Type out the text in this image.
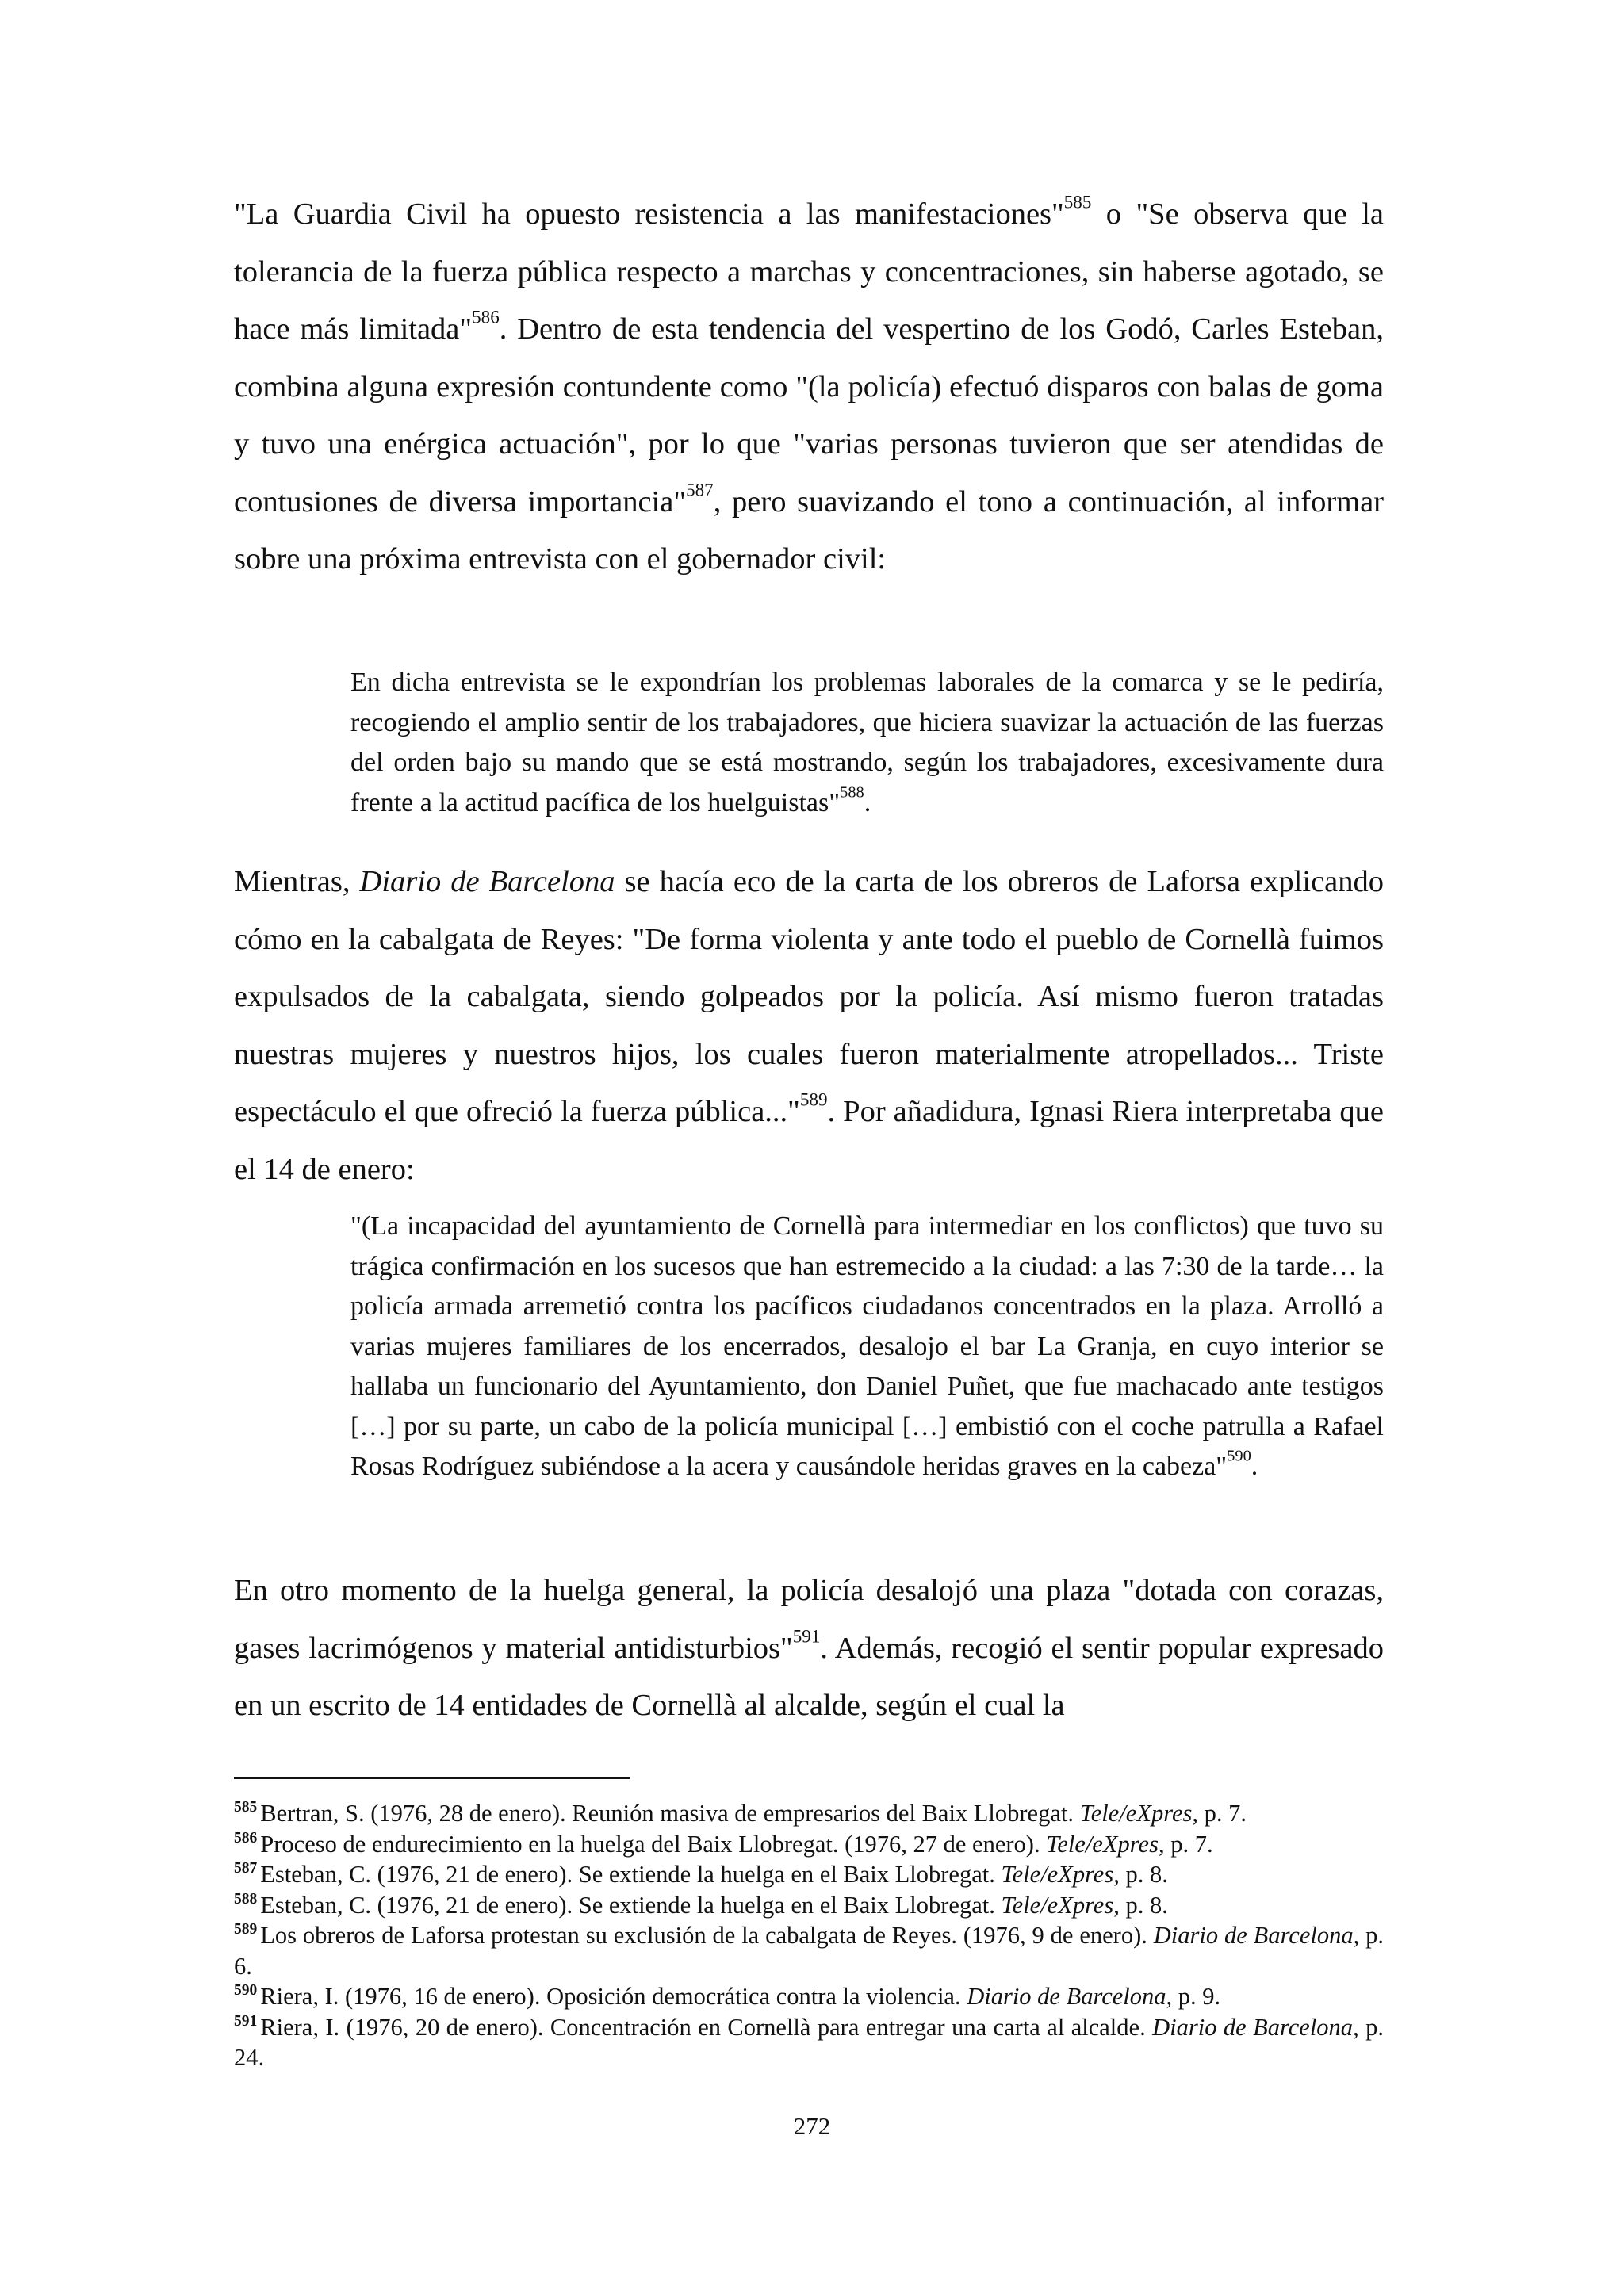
"La Guardia Civil ha opuesto resistencia a las manifestaciones"$^{585}$ o "Se observa que la tolerancia de la fuerza pública respecto a marchas y concentraciones, sin haberse agotado, se hace más limitada"$^{586}$. Dentro de esta tendencia del vespertino de los Godó, Carles Esteban, combina alguna expresión contundente como "(la policía) efectuó disparos con balas de goma y tuvo una enérgica actuación", por lo que "varias personas tuvieron que ser atendidas de contusiones de diversa importancia"$^{587}$, pero suavizando el tono a continuación, al informar sobre una próxima entrevista con el gobernador civil:

En dicha entrevista se le expondrían los problemas laborales de la comarca y se le pediría, recogiendo el amplio sentir de los trabajadores, que hiciera suavizar la actuación de las fuerzas del orden bajo su mando que se está mostrando, según los trabajadores, excesivamente dura frente a la actitud pacífica de los huelguistas"$^{588}$.

Mientras, Diario de Barcelona se hacía eco de la carta de los obreros de Laforsa explicando cómo en la cabalgata de Reyes: "De forma violenta y ante todo el pueblo de Cornellà fuimos expulsados de la cabalgata, siendo golpeados por la policía. Así mismo fueron tratadas nuestras mujeres y nuestros hijos, los cuales fueron materialmente atropellados... Triste espectáculo el que ofreció la fuerza pública..."$^{589}$. Por añadidura, Ignasi Riera interpretaba que el 14 de enero:

"(La incapacidad del ayuntamiento de Cornellà para intermediar en los conflictos) que tuvo su trágica confirmación en los sucesos que han estremecido a la ciudad: a las 7:30 de la tarde… la policía armada arremetió contra los pacíficos ciudadanos concentrados en la plaza. Arrolló a varias mujeres familiares de los encerrados, desalojo el bar La Granja, en cuyo interior se hallaba un funcionario del Ayuntamiento, don Daniel Puñet, que fue machacado ante testigos […] por su parte, un cabo de la policía municipal […] embistió con el coche patrulla a Rafael Rosas Rodríguez subiéndose a la acera y causándole heridas graves en la cabeza"$^{590}$.

En otro momento de la huelga general, la policía desalojó una plaza "dotada con corazas, gases lacrimógenos y material antidisturbios"$^{591}$. Además, recogió el sentir popular expresado en un escrito de 14 entidades de Cornellà al alcalde, según el cual la

$^{585}$ Bertran, S. (1976, 28 de enero). Reunión masiva de empresarios del Baix Llobregat. Tele/eXpres, p. 7.

$^{586}$ Proceso de endurecimiento en la huelga del Baix Llobregat. (1976, 27 de enero). Tele/eXpres, p. 7.

$^{587}$ Esteban, C. (1976, 21 de enero). Se extiende la huelga en el Baix Llobregat. Tele/eXpres, p. 8.

$^{588}$ Esteban, C. (1976, 21 de enero). Se extiende la huelga en el Baix Llobregat. Tele/eXpres, p. 8.

$^{589}$ Los obreros de Laforsa protestan su exclusión de la cabalgata de Reyes. (1976, 9 de enero). Diario de Barcelona, p. 6.

$^{590}$ Riera, I. (1976, 16 de enero). Oposición democrática contra la violencia. Diario de Barcelona, p. 9.

$^{591}$ Riera, I. (1976, 20 de enero). Concentración en Cornellà para entregar una carta al alcalde. Diario de Barcelona, p. 24.

272
